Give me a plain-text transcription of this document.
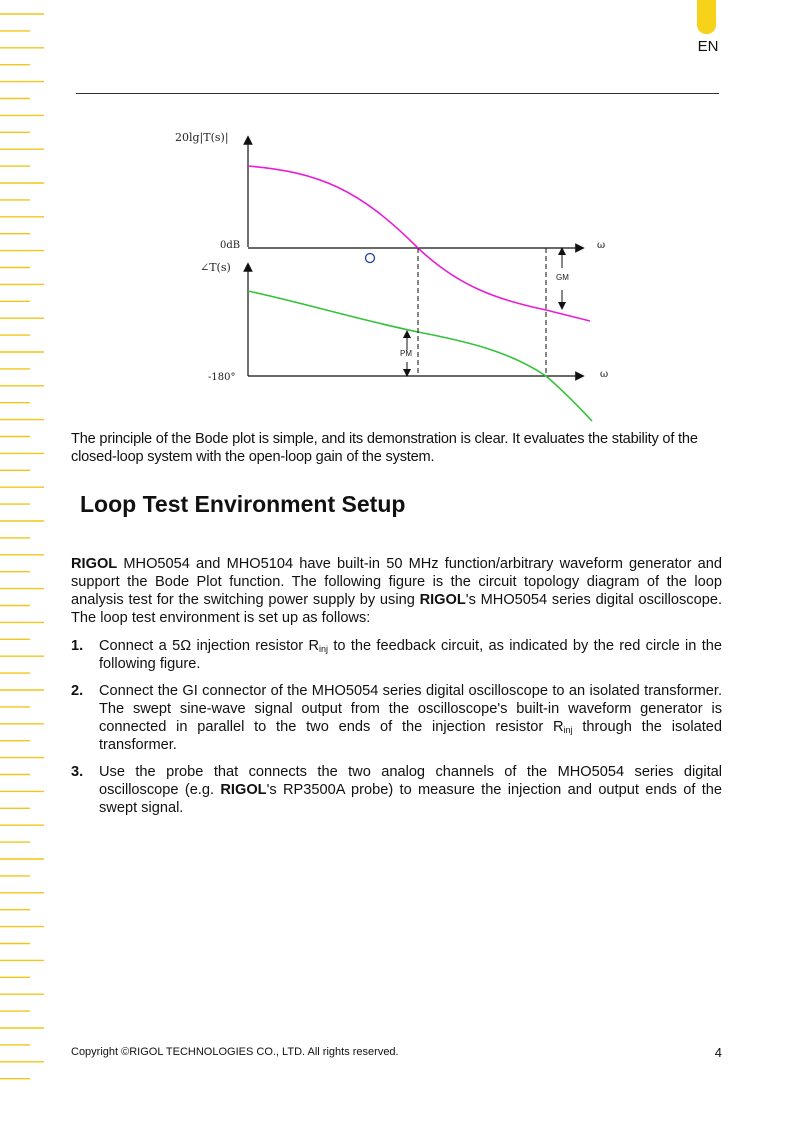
EN
20lg|T(s)|
0dB	ω
∠T(s)
-180°	ω
GM
PM
The principle of the Bode plot is simple, and its demonstration is clear. It evaluates the stability of the closed-loop system with the open-loop gain of the system.
Loop Test Environment Setup
RIGOL MHO5054 and MHO5104 have built-in 50 MHz function/arbitrary waveform generator and support the Bode Plot function. The following figure is the circuit topology diagram of the loop analysis test for the switching power supply by using RIGOL's MHO5054 series digital oscilloscope. The loop test environment is set up as follows:
1. Connect a 5Ω injection resistor $R_{inj}$ to the feedback circuit, as indicated by the red circle in the following figure.
2. Connect the GI connector of the MHO5054 series digital oscilloscope to an isolated transformer. The swept sine-wave signal output from the oscilloscope's built-in waveform generator is connected in parallel to the two ends of the injection resistor $R_{inj}$ through the isolated transformer.
3. Use the probe that connects the two analog channels of the MHO5054 series digital oscilloscope (e.g. RIGOL's RP3500A probe) to measure the injection and output ends of the swept signal.
Copyright ©RIGOL TECHNOLOGIES CO., LTD. All rights reserved.	4
